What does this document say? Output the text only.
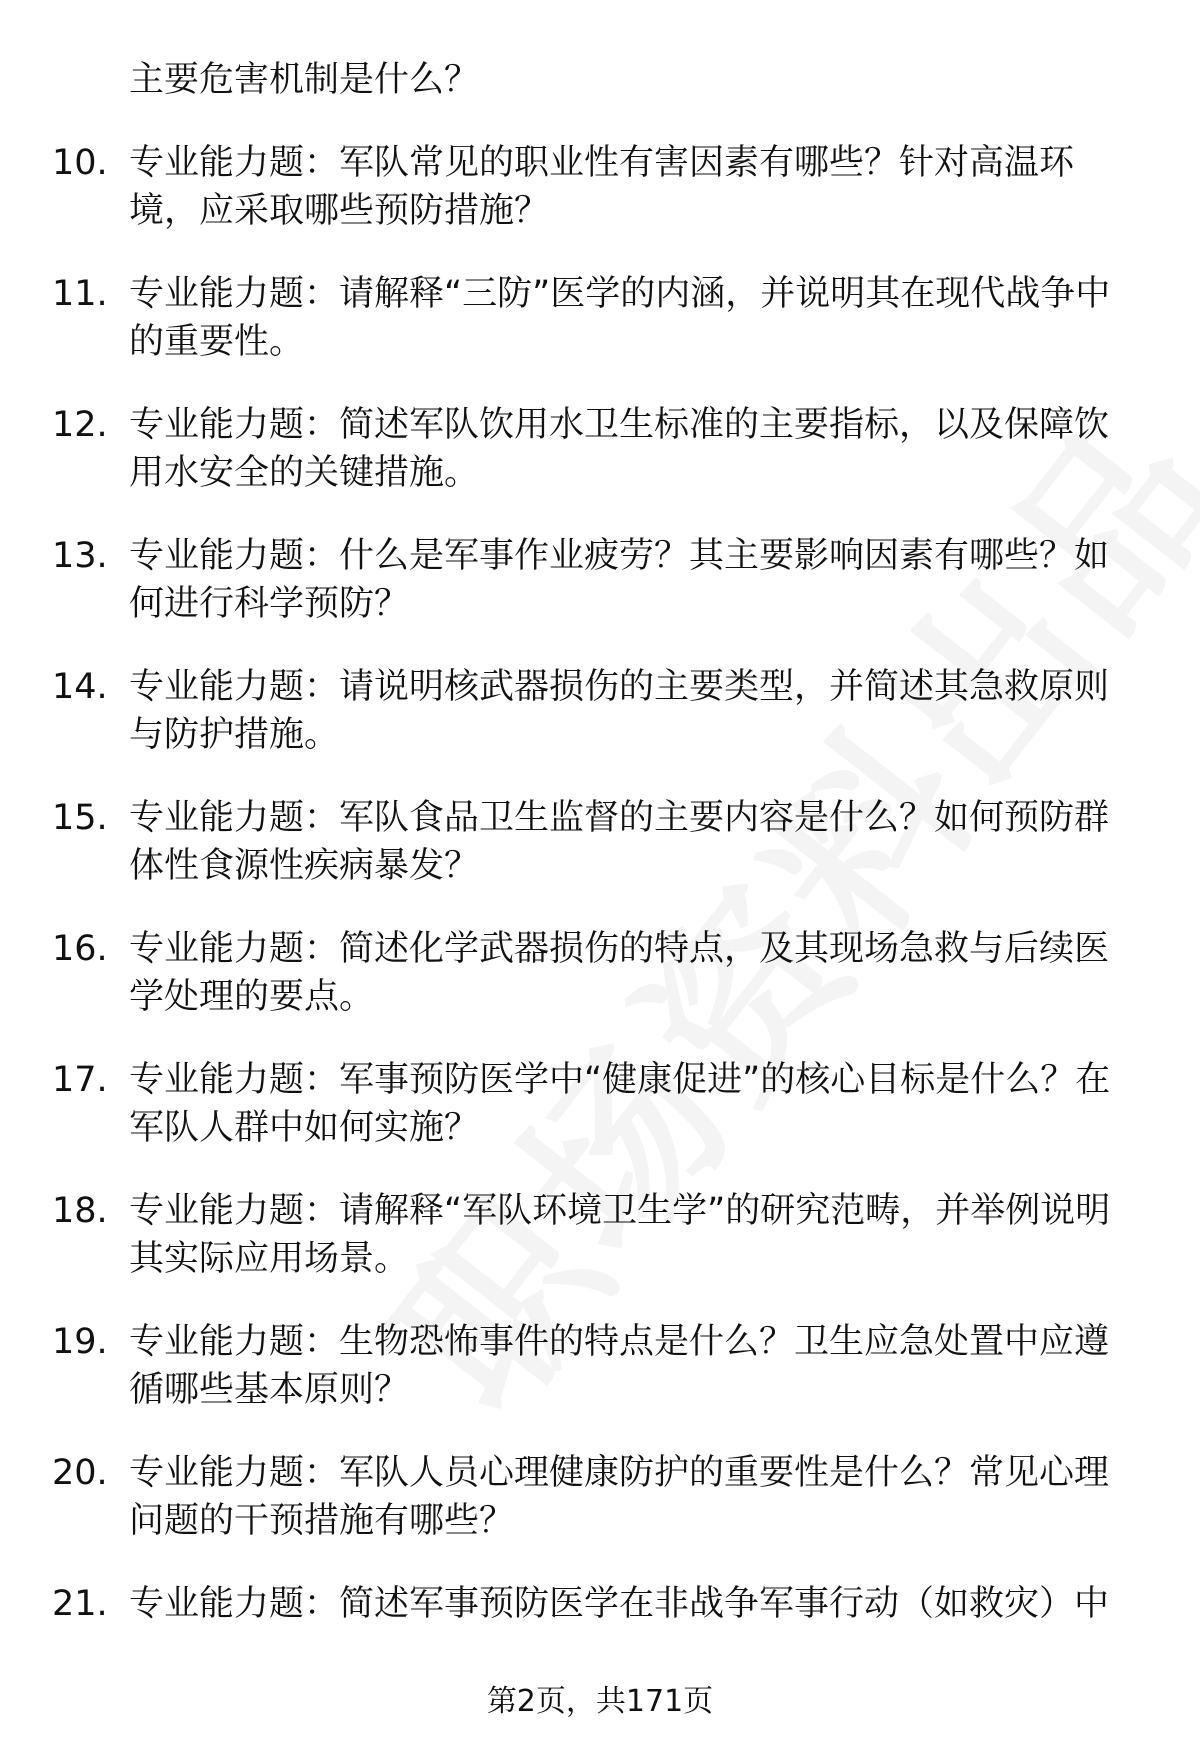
主要危害机制是什么？
10. 专业能力题：军队常见的职业性有害因素有哪些？针对高温环境，应采取哪些预防措施？
11. 专业能力题：请解释“三防”医学的内涵，并说明其在现代战争中的重要性。
12. 专业能力题：简述军队饮用水卫生标准的主要指标，以及保障饮用水安全的关键措施。
13. 专业能力题：什么是军事作业疲劳？其主要影响因素有哪些？如何进行科学预防？
14. 专业能力题：请说明核武器损伤的主要类型，并简述其急救原则与防护措施。
15. 专业能力题：军队食品卫生监督的主要内容是什么？如何预防群体性食源性疾病暴发？
16. 专业能力题：简述化学武器损伤的特点，及其现场急救与后续医学处理的要点。
17. 专业能力题：军事预防医学中“健康促进”的核心目标是什么？在军队人群中如何实施？
18. 专业能力题：请解释“军队环境卫生学”的研究范畴，并举例说明其实际应用场景。
19. 专业能力题：生物恐怖事件的特点是什么？卫生应急处置中应遵循哪些基本原则？
20. 专业能力题：军队人员心理健康防护的重要性是什么？常见心理问题的干预措施有哪些？
21. 专业能力题：简述军事预防医学在非战争军事行动（如救灾）中
第2页，共171页
